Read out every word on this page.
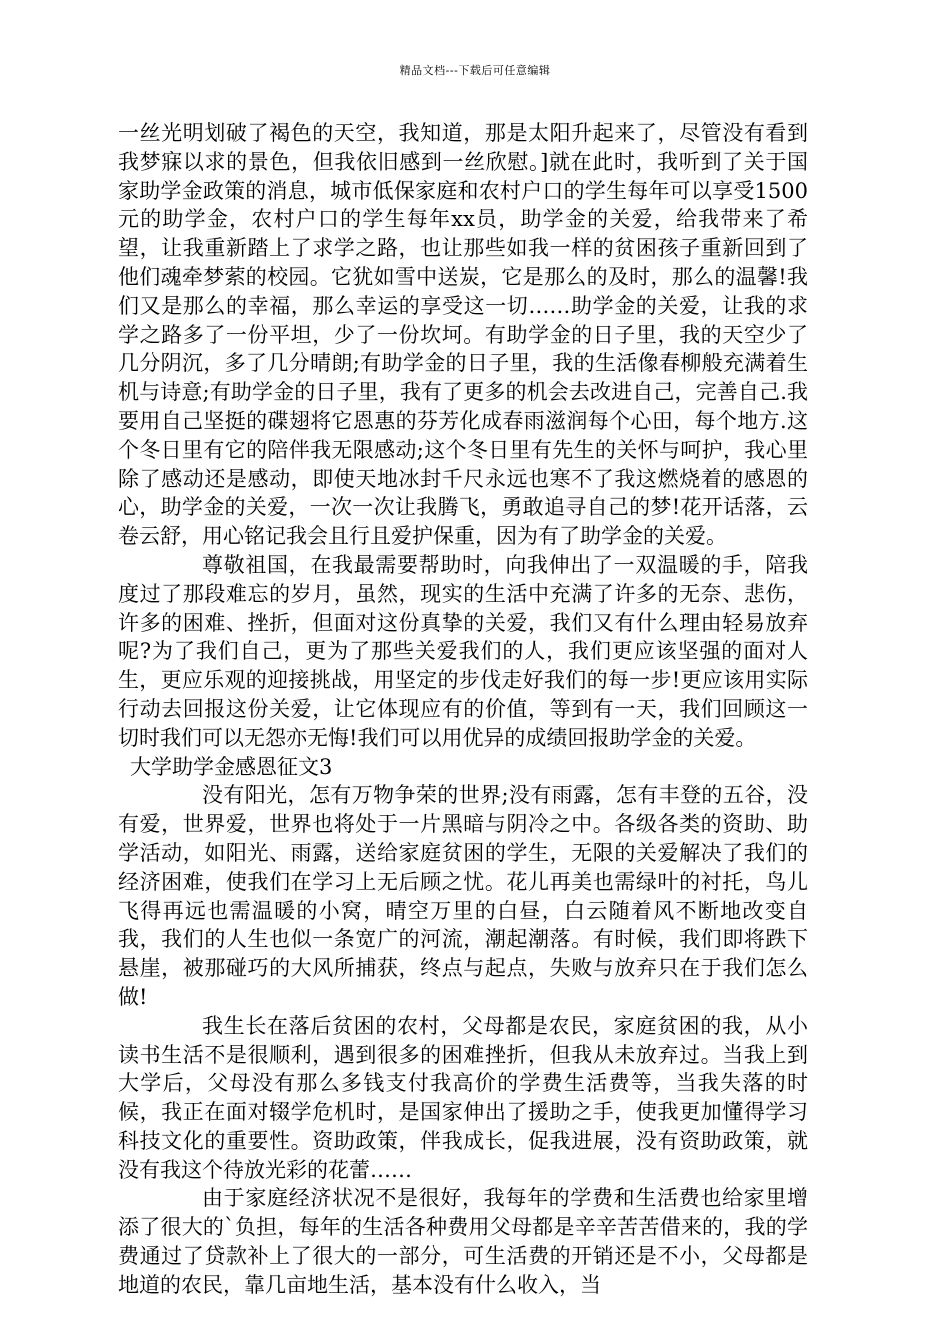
精品文档---下载后可任意编辑

一丝光明划破了褐色的天空，我知道，那是太阳升起来了，尽管没有看到我梦寐以求的景色，但我依旧感到一丝欣慰。]就在此时，我听到了关于国家助学金政策的消息，城市低保家庭和农村户口的学生每年可以享受1500元的助学金，农村户口的学生每年xx员，助学金的关爱，给我带来了希望，让我重新踏上了求学之路，也让那些如我一样的贫困孩子重新回到了他们魂牵梦萦的校园。它犹如雪中送炭，它是那么的及时，那么的温馨!我们又是那么的幸福，那么幸运的享受这一切……助学金的关爱，让我的求学之路多了一份平坦，少了一份坎坷。有助学金的日子里，我的天空少了几分阴沉，多了几分晴朗;有助学金的日子里，我的生活像春柳般充满着生机与诗意;有助学金的日子里，我有了更多的机会去改进自己，完善自己.我要用自己坚挺的碟翅将它恩惠的芬芳化成春雨滋润每个心田，每个地方.这个冬日里有它的陪伴我无限感动;这个冬日里有先生的关怀与呵护，我心里除了感动还是感动，即使天地冰封千尺永远也寒不了我这燃烧着的感恩的心，助学金的关爱，一次一次让我腾飞，勇敢追寻自己的梦!花开话落，云卷云舒，用心铭记我会且行且爱护保重，因为有了助学金的关爱。

尊敬祖国，在我最需要帮助时，向我伸出了一双温暖的手，陪我度过了那段难忘的岁月，虽然，现实的生活中充满了许多的无奈、悲伤，许多的困难、挫折，但面对这份真挚的关爱，我们又有什么理由轻易放弃呢?为了我们自己，更为了那些关爱我们的人，我们更应该坚强的面对人生，更应乐观的迎接挑战，用坚定的步伐走好我们的每一步!更应该用实际行动去回报这份关爱，让它体现应有的价值，等到有一天，我们回顾这一切时我们可以无怨亦无悔!我们可以用优异的成绩回报助学金的关爱。

大学助学金感恩征文3

没有阳光，怎有万物争荣的世界;没有雨露，怎有丰登的五谷，没有爱，世界爱，世界也将处于一片黑暗与阴冷之中。各级各类的资助、助学活动，如阳光、雨露，送给家庭贫困的学生，无限的关爱解决了我们的经济困难，使我们在学习上无后顾之忧。花儿再美也需绿叶的衬托，鸟儿飞得再远也需温暖的小窝，晴空万里的白昼，白云随着风不断地改变自我，我们的人生也似一条宽广的河流，潮起潮落。有时候，我们即将跌下悬崖，被那碰巧的大风所捕获，终点与起点，失败与放弃只在于我们怎么做!

我生长在落后贫困的农村，父母都是农民，家庭贫困的我，从小读书生活不是很顺利，遇到很多的困难挫折，但我从未放弃过。当我上到大学后，父母没有那么多钱支付我高价的学费生活费等，当我失落的时候，我正在面对辍学危机时，是国家伸出了援助之手，使我更加懂得学习科技文化的重要性。资助政策，伴我成长，促我进展，没有资助政策，就没有我这个待放光彩的花蕾……

由于家庭经济状况不是很好，我每年的学费和生活费也给家里增添了很大的`负担，每年的生活各种费用父母都是辛辛苦苦借来的，我的学费通过了贷款补上了很大的一部分，可生活费的开销还是不小，父母都是地道的农民，靠几亩地生活，基本没有什么收入，当
